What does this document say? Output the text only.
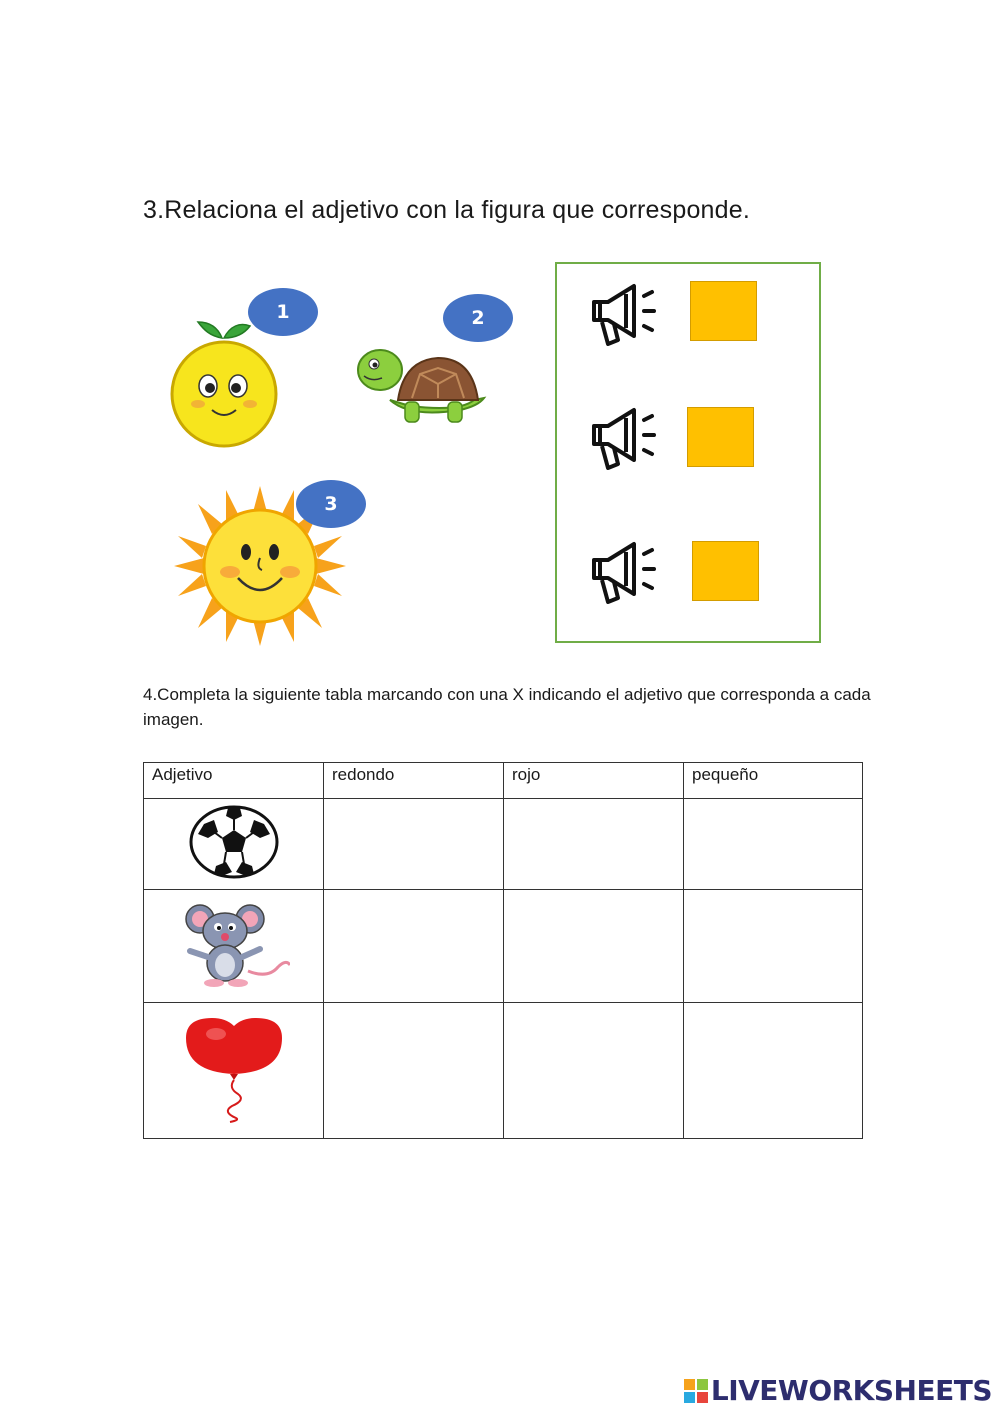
3.Relaciona el adjetivo con la figura que corresponde.
1	2
3
4.Completa la siguiente tabla marcando con una X indicando el adjetivo que corresponda a cada imagen.
Adjetivo	redondo	rojo	pequeño

LIVEWORKSHEETS
